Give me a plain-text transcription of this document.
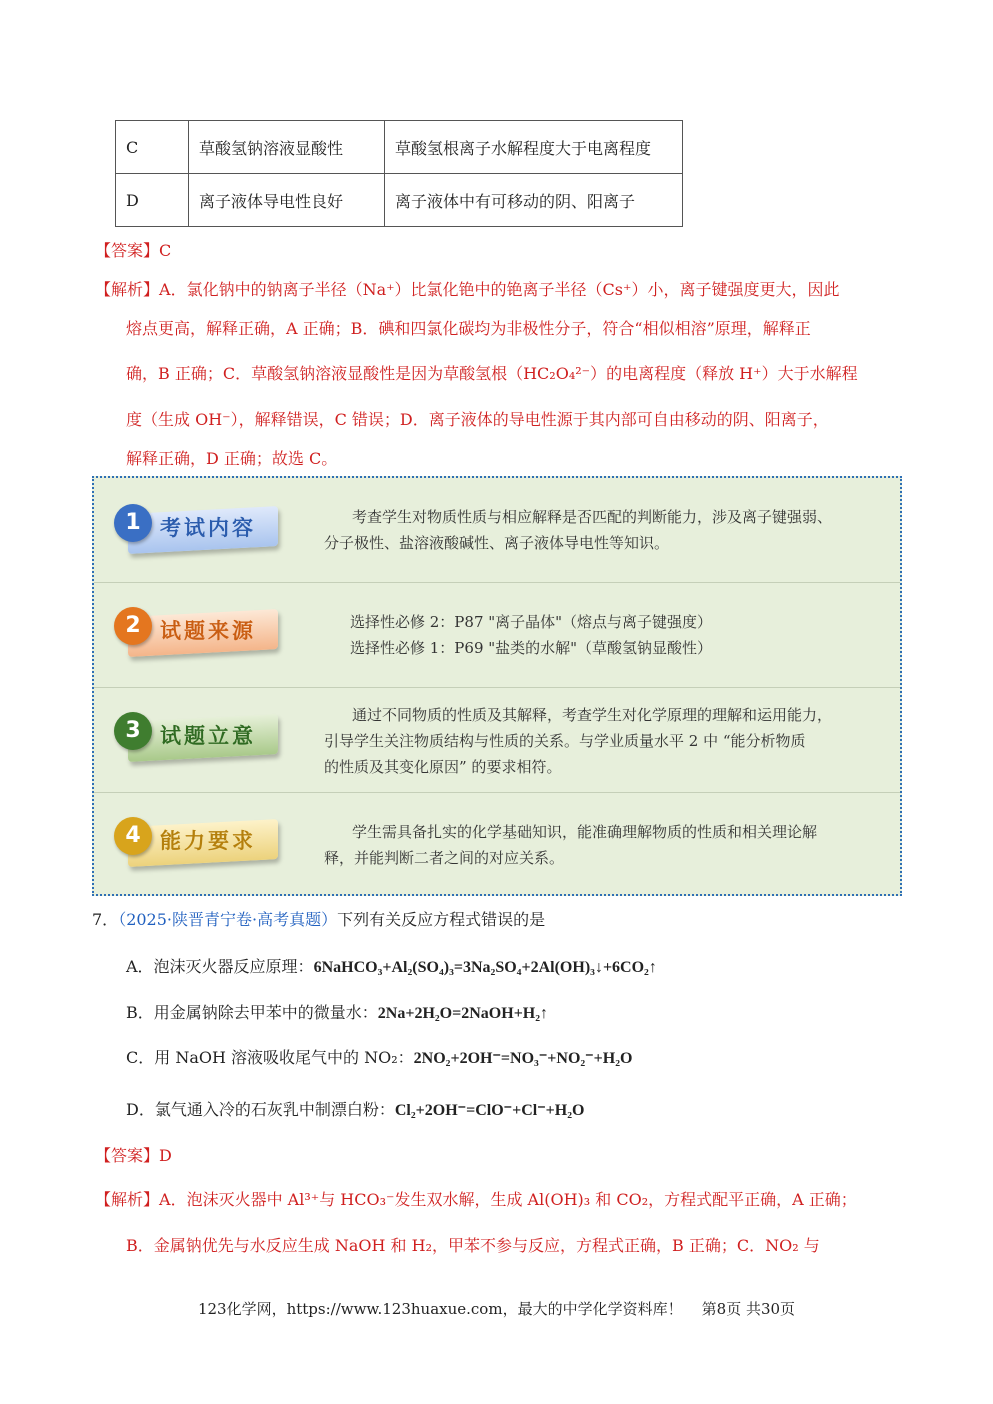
C	草酸氢钠溶液显酸性	草酸氢根离子水解程度大于电离程度
D	离子液体导电性良好	离子液体中有可移动的阴、阳离子
【答案】C
【解析】A．氯化钠中的钠离子半径（Na⁺）比氯化铯中的铯离子半径（Cs⁺）小，离子键强度更大，因此
熔点更高，解释正确，A 正确；B．碘和四氯化碳均为非极性分子，符合“相似相溶”原理，解释正
确，B 正确；C．草酸氢钠溶液显酸性是因为草酸氢根（HC₂O₄²⁻）的电离程度（释放 H⁺）大于水解程
度（生成 OH⁻），解释错误，C 错误；D．离子液体的导电性源于其内部可自由移动的阴、阳离子，
解释正确，D 正确；故选 C。
1 考试内容	考查学生对物质性质与相应解释是否匹配的判断能力，涉及离子键强弱、
分子极性、盐溶液酸碱性、离子液体导电性等知识。
2 试题来源	选择性必修 2：P87 "离子晶体"（熔点与离子键强度）
选择性必修 1：P69 "盐类的水解"（草酸氢钠显酸性）
3 试题立意
通过不同物质的性质及其解释，考查学生对化学原理的理解和运用能力，
引导学生关注物质结构与性质的关系。与学业质量水平 2 中 “能分析物质
的性质及其变化原因” 的要求相符。
4 能力要求	学生需具备扎实的化学基础知识，能准确理解物质的性质和相关理论解
释，并能判断二者之间的对应关系。
7．（2025·陕晋青宁卷·高考真题）下列有关反应方程式错误的是
A．泡沫灭火器反应原理：6NaHCO₃+Al₂(SO₄)₃=3Na₂SO₄+2Al(OH)₃↓+6CO₂↑
B．用金属钠除去甲苯中的微量水：2Na+2H₂O=2NaOH+H₂↑
C．用 NaOH 溶液吸收尾气中的 NO₂：2NO₂+2OH⁻=NO₃⁻+NO₂⁻+H₂O
D．氯气通入冷的石灰乳中制漂白粉：Cl₂+2OH⁻=ClO⁻+Cl⁻+H₂O
【答案】D
【解析】A．泡沫灭火器中 Al³⁺与 HCO₃⁻发生双水解，生成 Al(OH)₃ 和 CO₂，方程式配平正确，A 正确；
B．金属钠优先与水反应生成 NaOH 和 H₂，甲苯不参与反应，方程式正确，B 正确；C．NO₂ 与
123化学网，https://www.123huaxue.com，最大的中学化学资料库！ 第8页 共30页
